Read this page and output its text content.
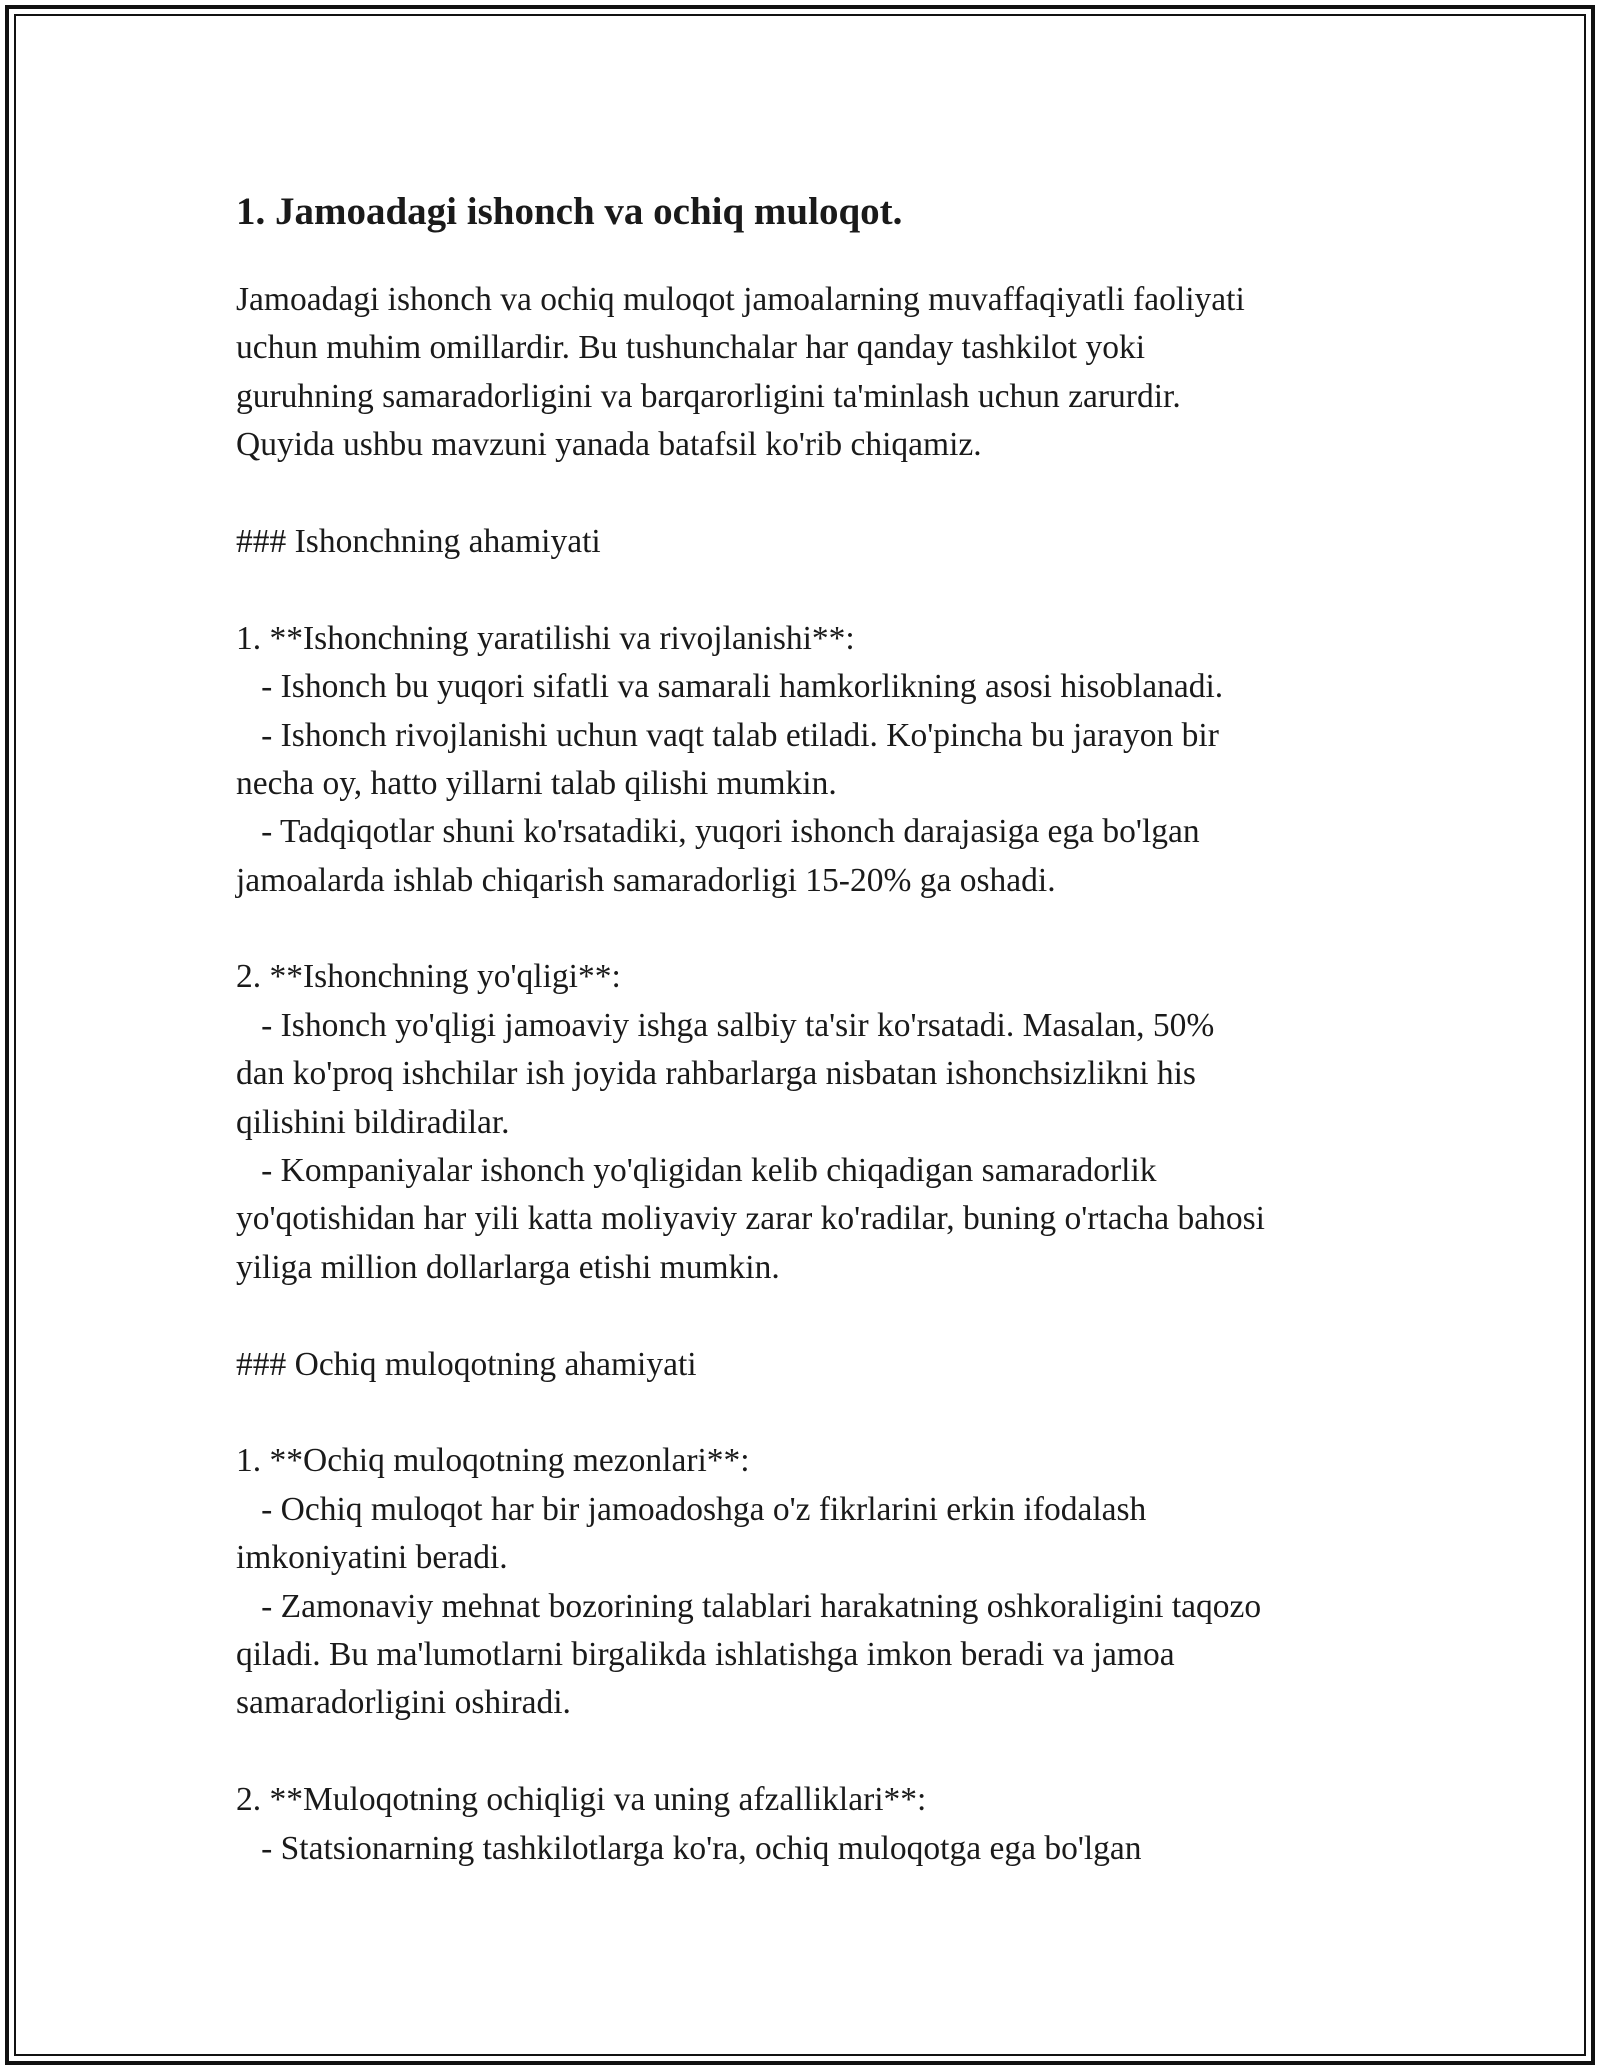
1. Jamoadagi ishonch va ochiq muloqot.
Jamoadagi ishonch va ochiq muloqot jamoalarning muvaffaqiyatli faoliyati
uchun muhim omillardir. Bu tushunchalar har qanday tashkilot yoki
guruhning samaradorligini va barqarorligini ta'minlash uchun zarurdir.
Quyida ushbu mavzuni yanada batafsil ko'rib chiqamiz.
### Ishonchning ahamiyati
1. **Ishonchning yaratilishi va rivojlanishi**:
- Ishonch bu yuqori sifatli va samarali hamkorlikning asosi hisoblanadi.
- Ishonch rivojlanishi uchun vaqt talab etiladi. Ko'pincha bu jarayon bir
necha oy, hatto yillarni talab qilishi mumkin.
- Tadqiqotlar shuni ko'rsatadiki, yuqori ishonch darajasiga ega bo'lgan
jamoalarda ishlab chiqarish samaradorligi 15-20% ga oshadi.
2. **Ishonchning yo'qligi**:
- Ishonch yo'qligi jamoaviy ishga salbiy ta'sir ko'rsatadi. Masalan, 50%
dan ko'proq ishchilar ish joyida rahbarlarga nisbatan ishonchsizlikni his
qilishini bildiradilar.
- Kompaniyalar ishonch yo'qligidan kelib chiqadigan samaradorlik
yo'qotishidan har yili katta moliyaviy zarar ko'radilar, buning o'rtacha bahosi
yiliga million dollarlarga etishi mumkin.
### Ochiq muloqotning ahamiyati
1. **Ochiq muloqotning mezonlari**:
- Ochiq muloqot har bir jamoadoshga o'z fikrlarini erkin ifodalash
imkoniyatini beradi.
- Zamonaviy mehnat bozorining talablari harakatning oshkoraligini taqozo
qiladi. Bu ma'lumotlarni birgalikda ishlatishga imkon beradi va jamoa
samaradorligini oshiradi.
2. **Muloqotning ochiqligi va uning afzalliklari**:
- Statsionarning tashkilotlarga ko'ra, ochiq muloqotga ega bo'lgan
